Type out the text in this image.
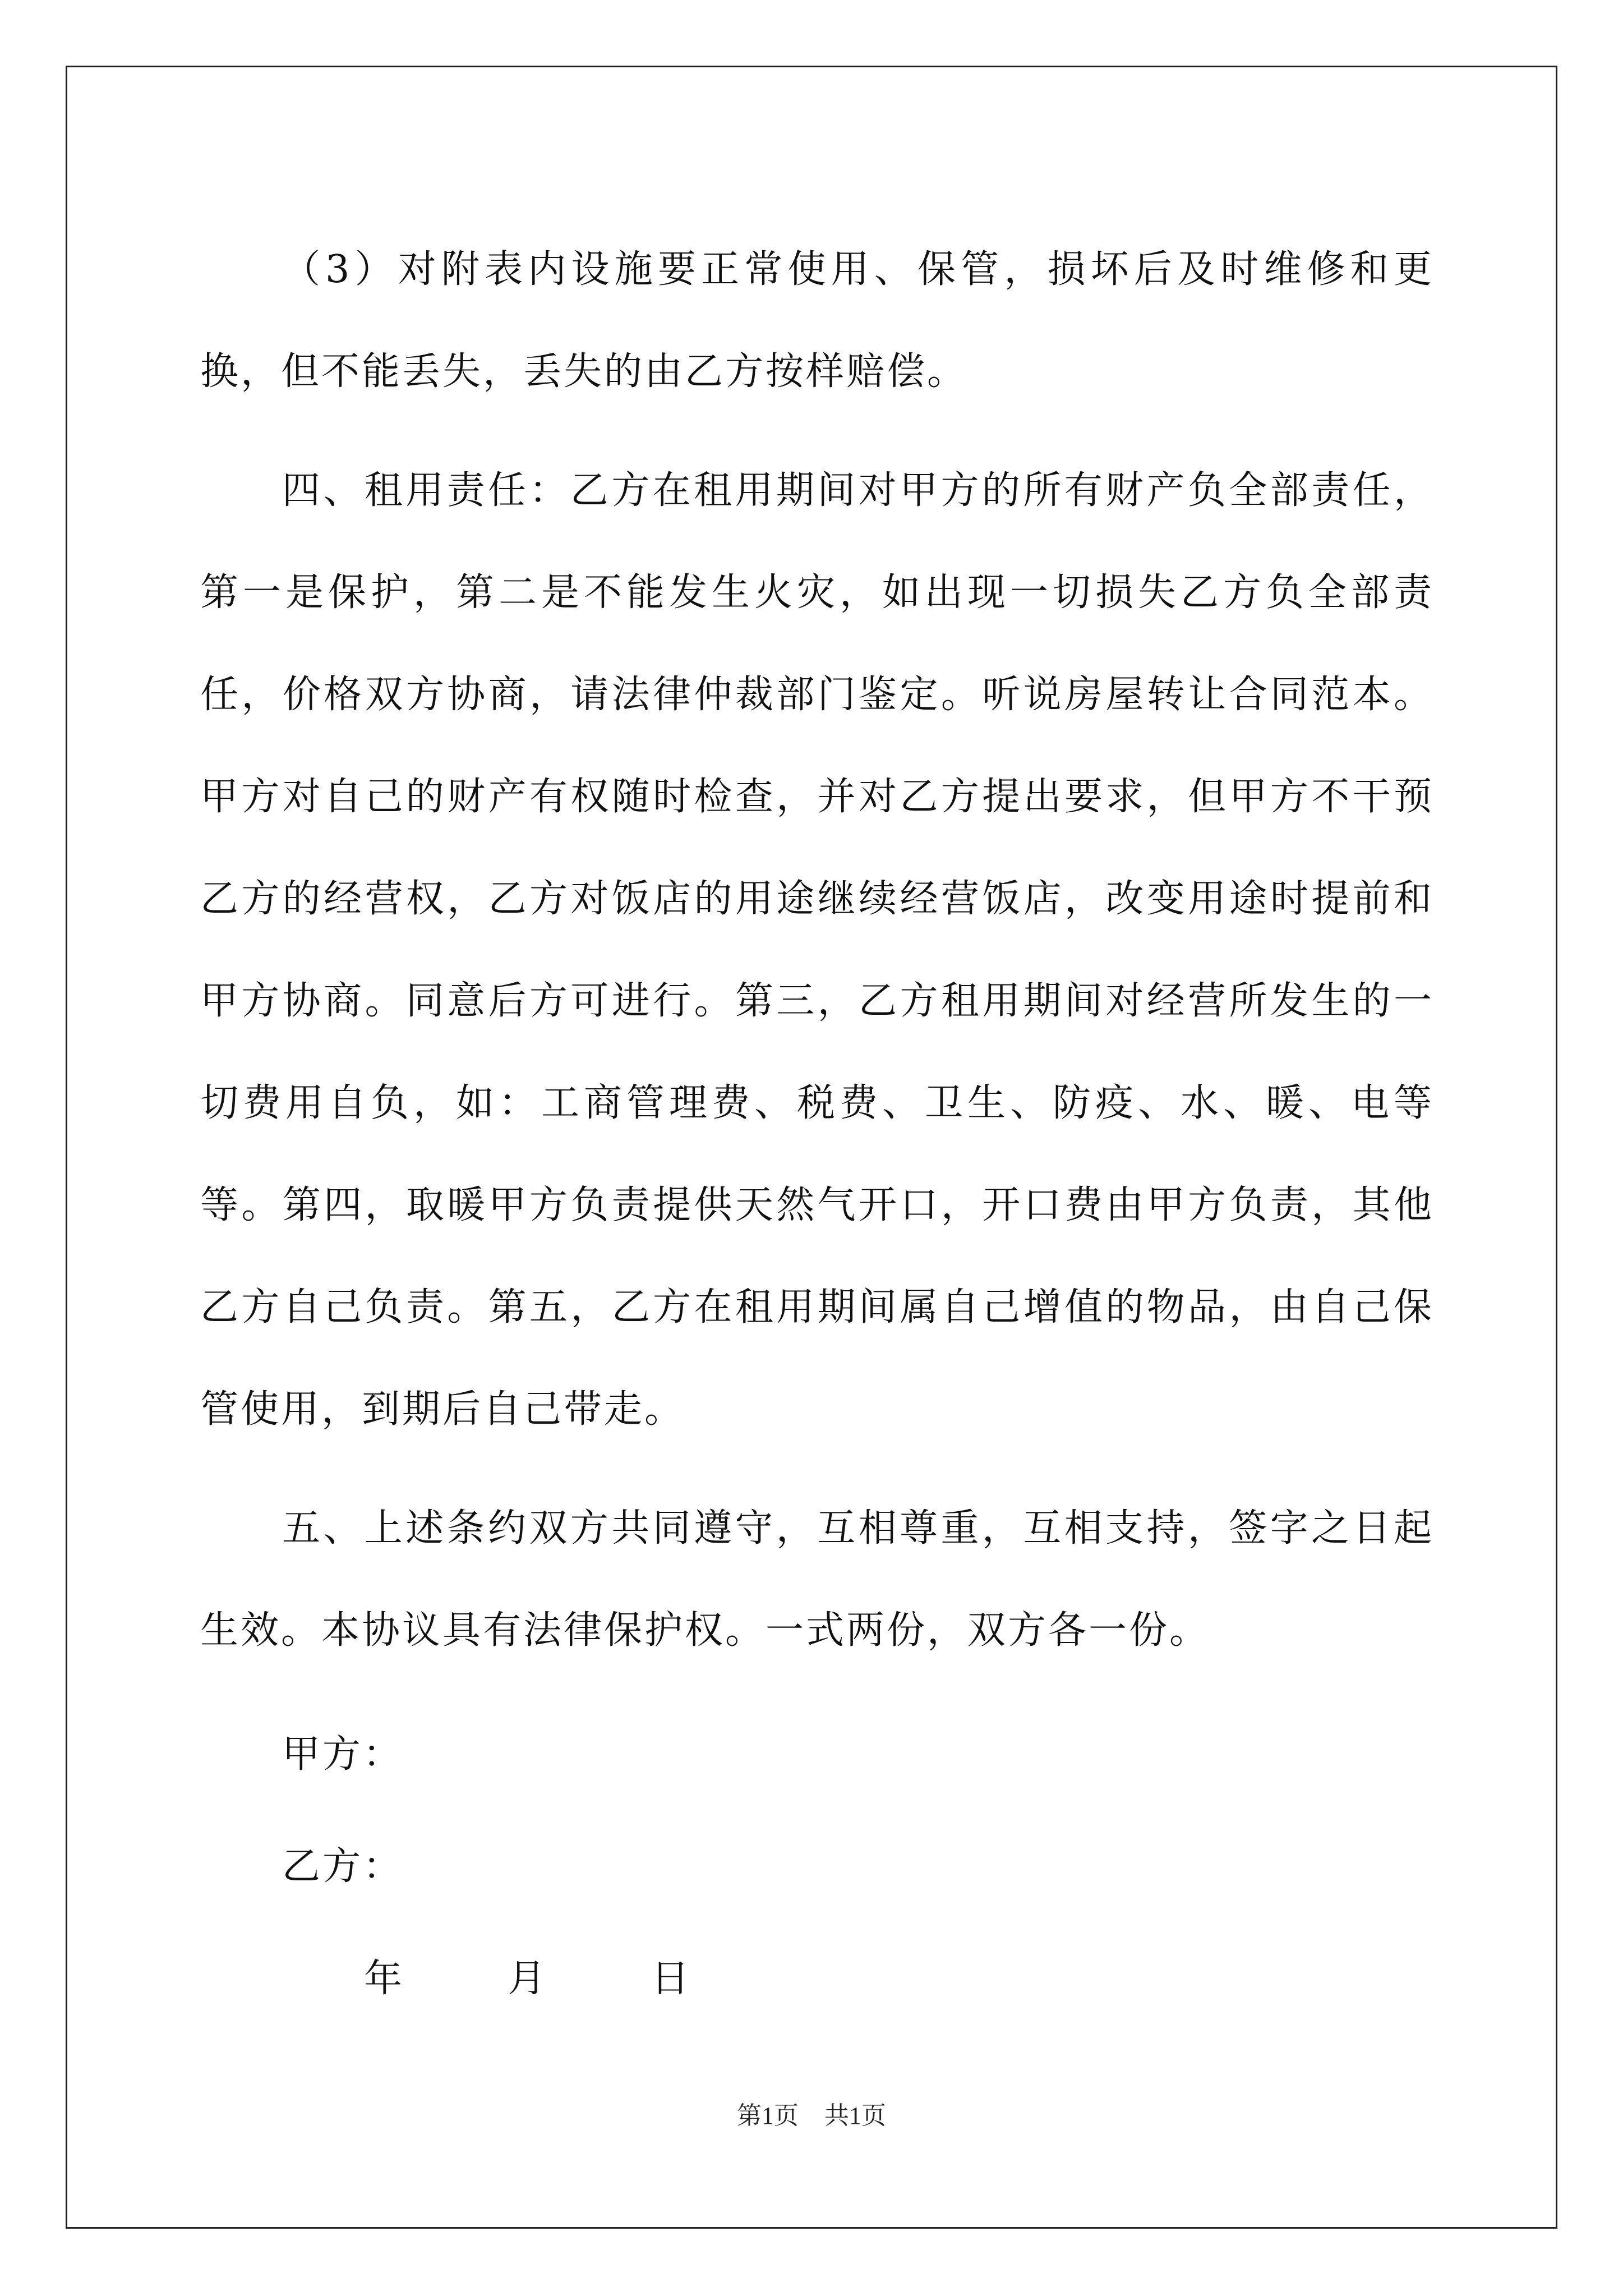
（3）对附表内设施要正常使用、保管，损坏后及时维修和更换，但不能丢失，丢失的由乙方按样赔偿。

四、租用责任：乙方在租用期间对甲方的所有财产负全部责任，第一是保护，第二是不能发生火灾，如出现一切损失乙方负全部责任，价格双方协商，请法律仲裁部门鉴定。听说房屋转让合同范本。甲方对自己的财产有权随时检查，并对乙方提出要求，但甲方不干预乙方的经营权，乙方对饭店的用途继续经营饭店，改变用途时提前和甲方协商。同意后方可进行。第三，乙方租用期间对经营所发生的一切费用自负，如：工商管理费、税费、卫生、防疫、水、暖、电等等。第四，取暖甲方负责提供天然气开口，开口费由甲方负责，其他乙方自己负责。第五，乙方在租用期间属自己增值的物品，由自己保管使用，到期后自己带走。

五、上述条约双方共同遵守，互相尊重，互相支持，签字之日起生效。本协议具有法律保护权。一式两份，双方各一份。

甲方：

乙方：

年	月	日

第1页 共1页
